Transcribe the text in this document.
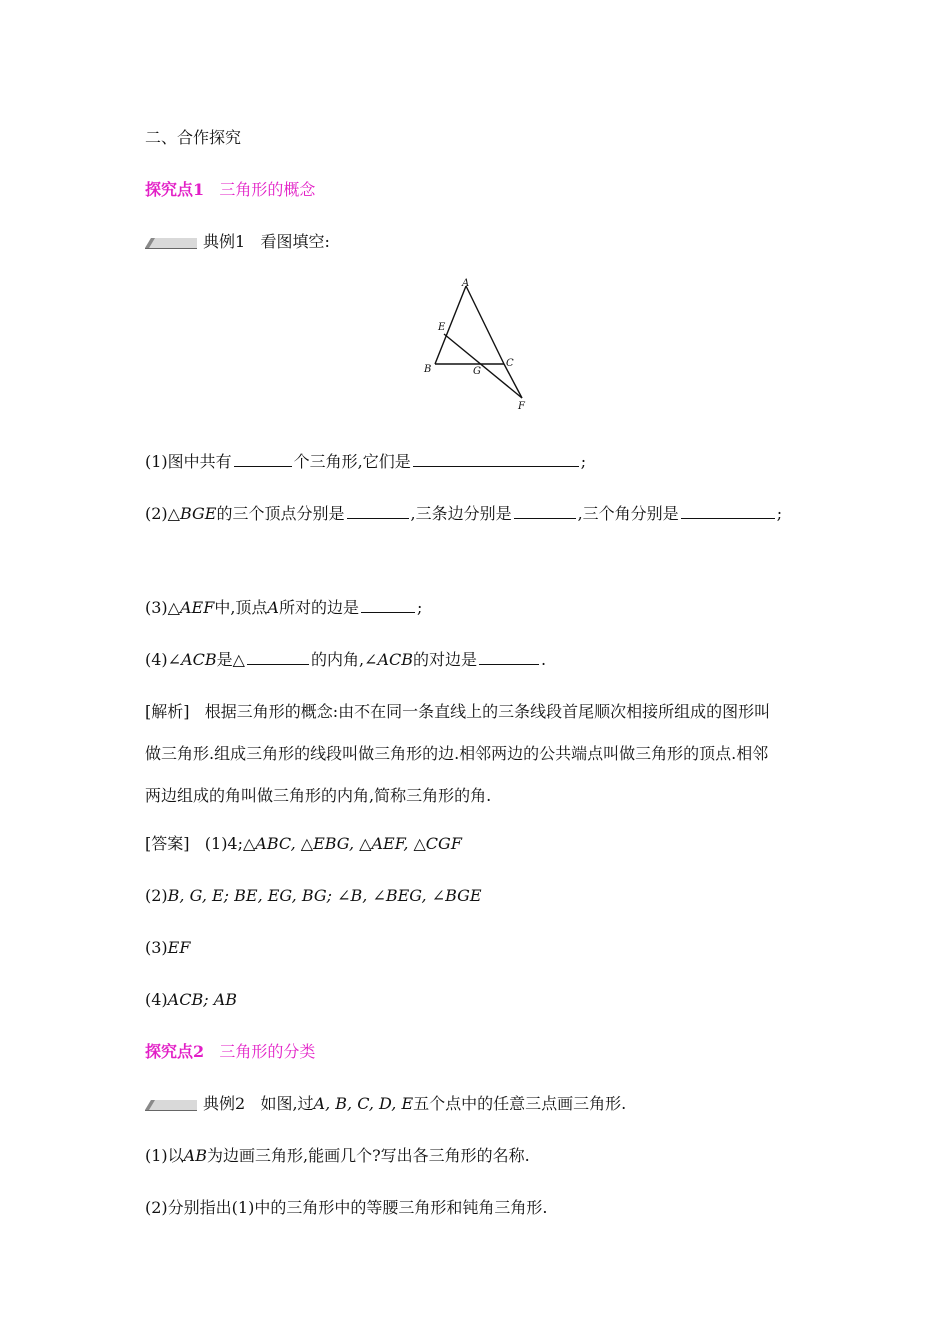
二、合作探究
探究点1 三角形的概念
典例1 看图填空:
A
E
B	G
C
F
(1)图中共有	个三角形,它们是	;
(2)△BGE的三个顶点分别是	,三条边分别是	,三个角分别是	;
(3)△AEF中,顶点A所对的边是	;
(4)∠ACB是△	的内角,∠ACB的对边是	.
[解析] 根据三角形的概念:由不在同一条直线上的三条线段首尾顺次相接所组成的图形叫
做三角形.组成三角形的线段叫做三角形的边.相邻两边的公共端点叫做三角形的顶点.相邻
两边组成的角叫做三角形的内角,简称三角形的角.
[答案] (1)4;△ABC, △EBG, △AEF, △CGF
(2)B, G, E; BE, EG, BG; ∠B, ∠BEG, ∠BGE
(3)EF
(4)ACB; AB
探究点2 三角形的分类
典例2 如图,过A, B, C, D, E五个点中的任意三点画三角形.
(1)以AB为边画三角形,能画几个?写出各三角形的名称.
(2)分别指出(1)中的三角形中的等腰三角形和钝角三角形.
